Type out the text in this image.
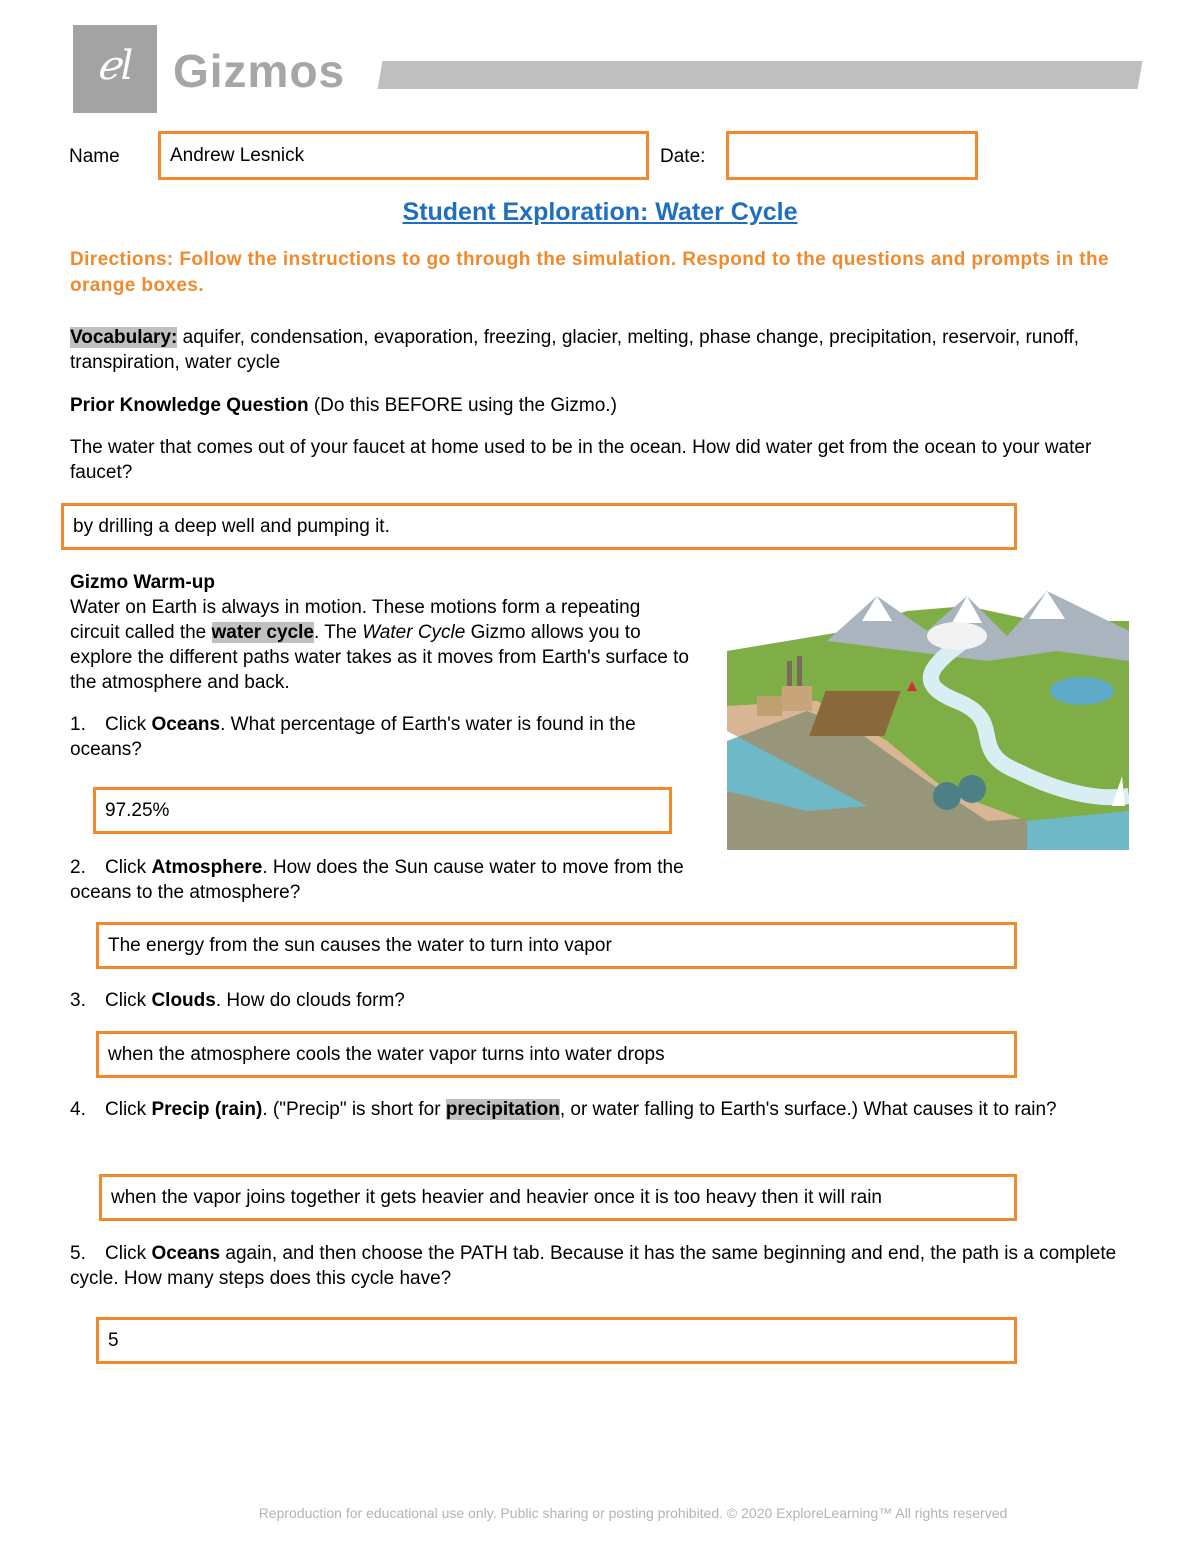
ℯl Gizmos
Name	Andrew Lesnick	Date:
Student Exploration: Water Cycle
Directions: Follow the instructions to go through the simulation. Respond to the questions and prompts in the orange boxes.
Vocabulary: aquifer, condensation, evaporation, freezing, glacier, melting, phase change, precipitation, reservoir, runoff, transpiration, water cycle
Prior Knowledge Question (Do this BEFORE using the Gizmo.)
The water that comes out of your faucet at home used to be in the ocean. How did water get from the ocean to your water faucet?
by drilling a deep well and pumping it.
Gizmo Warm-up
Water on Earth is always in motion. These motions form a repeating circuit called the water cycle. The Water Cycle Gizmo allows you to explore the different paths water takes as it moves from Earth's surface to the atmosphere and back.
1. Click Oceans. What percentage of Earth's water is found in the oceans?
97.25%
2. Click Atmosphere. How does the Sun cause water to move from the oceans to the atmosphere?
The energy from the sun causes the water to turn into vapor
3. Click Clouds. How do clouds form?
when the atmosphere cools the water vapor turns into water drops
4. Click Precip (rain). ("Precip" is short for precipitation, or water falling to Earth's surface.) What causes it to rain?
when the vapor joins together it gets heavier and heavier once it is too heavy then it will rain
5. Click Oceans again, and then choose the PATH tab. Because it has the same beginning and end, the path is a complete cycle. How many steps does this cycle have?
5
Reproduction for educational use only. Public sharing or posting prohibited. © 2020 ExploreLearning™ All rights reserved
